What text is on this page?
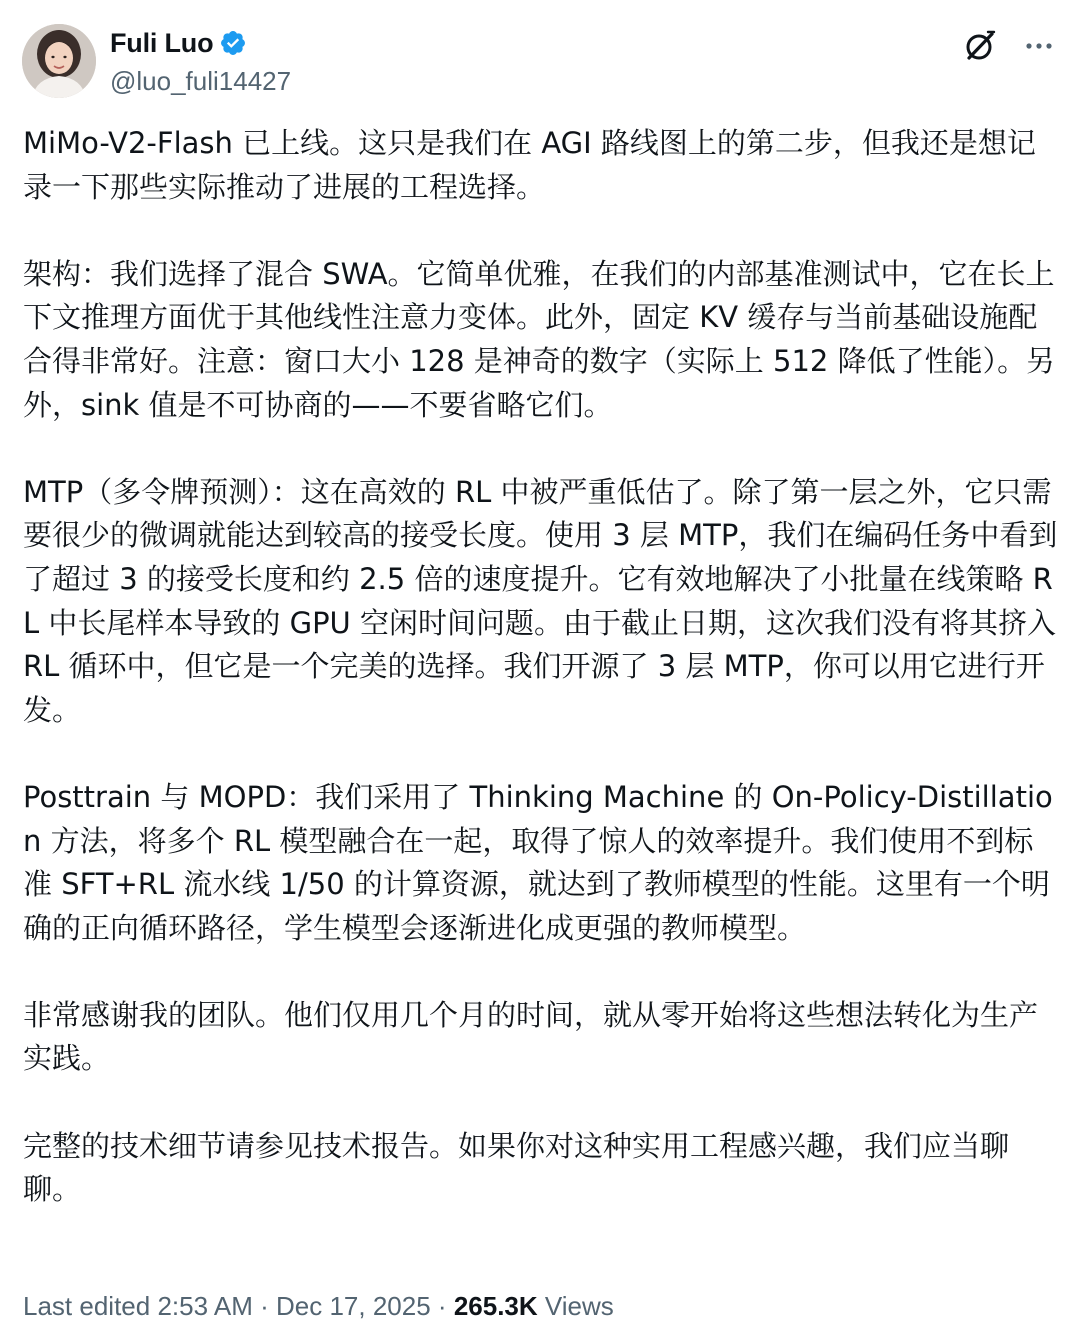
Fuli Luo
@luo_fuli14427

MiMo-V2-Flash 已上线。这只是我们在 AGI 路线图上的第二步，但我还是想记录一下那些实际推动了进展的工程选择。

架构：我们选择了混合 SWA。它简单优雅，在我们的内部基准测试中，它在长上下文推理方面优于其他线性注意力变体。此外，固定 KV 缓存与当前基础设施配合得非常好。注意：窗口大小 128 是神奇的数字（实际上 512 降低了性能）。另外，sink 值是不可协商的——不要省略它们。

MTP（多令牌预测）：这在高效的 RL 中被严重低估了。除了第一层之外，它只需要很少的微调就能达到较高的接受长度。使用 3 层 MTP，我们在编码任务中看到了超过 3 的接受长度和约 2.5 倍的速度提升。它有效地解决了小批量在线策略 RL 中长尾样本导致的 GPU 空闲时间问题。由于截止日期，这次我们没有将其挤入 RL 循环中，但它是一个完美的选择。我们开源了 3 层 MTP，你可以用它进行开发。

Posttrain 与 MOPD：我们采用了 Thinking Machine 的 On-Policy-Distillation 方法，将多个 RL 模型融合在一起，取得了惊人的效率提升。我们使用不到标准 SFT+RL 流水线 1/50 的计算资源，就达到了教师模型的性能。这里有一个明确的正向循环路径，学生模型会逐渐进化成更强的教师模型。

非常感谢我的团队。他们仅用几个月的时间，就从零开始将这些想法转化为生产实践。

完整的技术细节请参见技术报告。如果你对这种实用工程感兴趣，我们应当聊聊。

Last edited 2:53 AM · Dec 17, 2025 · 265.3K Views
